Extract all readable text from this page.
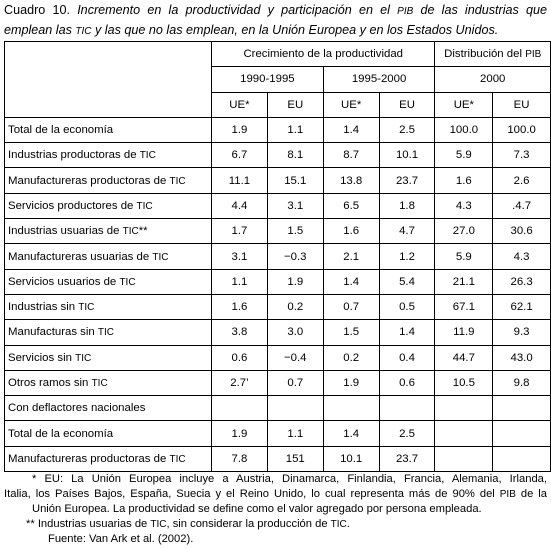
Cuadro 10. Incremento en la productividad y participación en el PIB de las industrias que emplean las TIC y las que no las emplean, en la Unión Europea y en los Estados Unidos.
	Crecimiento de la productividad				Distribución del PIB	
	1990-1995		1995-2000		2000	
	UE*	EU	UE*	EU	UE*	EU
Total de la economía	1.9	1.1	1.4	2.5	100.0	100.0
Industrias productoras de TIC	6.7	8.1	8.7	10.1	5.9	7.3
Manufactureras productoras de TIC	11.1	15.1	13.8	23.7	1.6	2.6
Servicios productores de TIC	4.4	3.1	6.5	1.8	4.3	.4.7
Industrias usuarias de TIC**	1.7	1.5	1.6	4.7	27.0	30.6
Manufactureras usuarias de TIC	3.1	−0.3	2.1	1.2	5.9	4.3
Servicios usuarios de TIC	1.1	1.9	1.4	5.4	21.1	26.3
Industrias sin TIC	1.6	0.2	0.7	0.5	67.1	62.1
Manufacturas sin TIC	3.8	3.0	1.5	1.4	11.9	9.3
Servicios sin TIC	0.6	−0.4	0.2	0.4	44.7	43.0
Otros ramos sin TIC	2.7’	0.7	1.9	0.6	10.5	9.8
Con deflactores nacionales						
Total de la economía	1.9	1.1	1.4	2.5		
Manufactureras productoras de TIC	7.8	151	10.1	23.7		

* EU: La Unión Europea incluye a Austria, Dinamarca, Finlandia, Francia, Alemania, Irlanda,

Italia, los Países Bajos, España, Suecia y el Reino Unido, lo cual representa más de 90% del PIB de la

Unión Europea. La productividad se define como el valor agregado por persona empleada.

** Industrias usuarias de TIC, sin considerar la producción de TIC.

Fuente: Van Ark et al. (2002).
